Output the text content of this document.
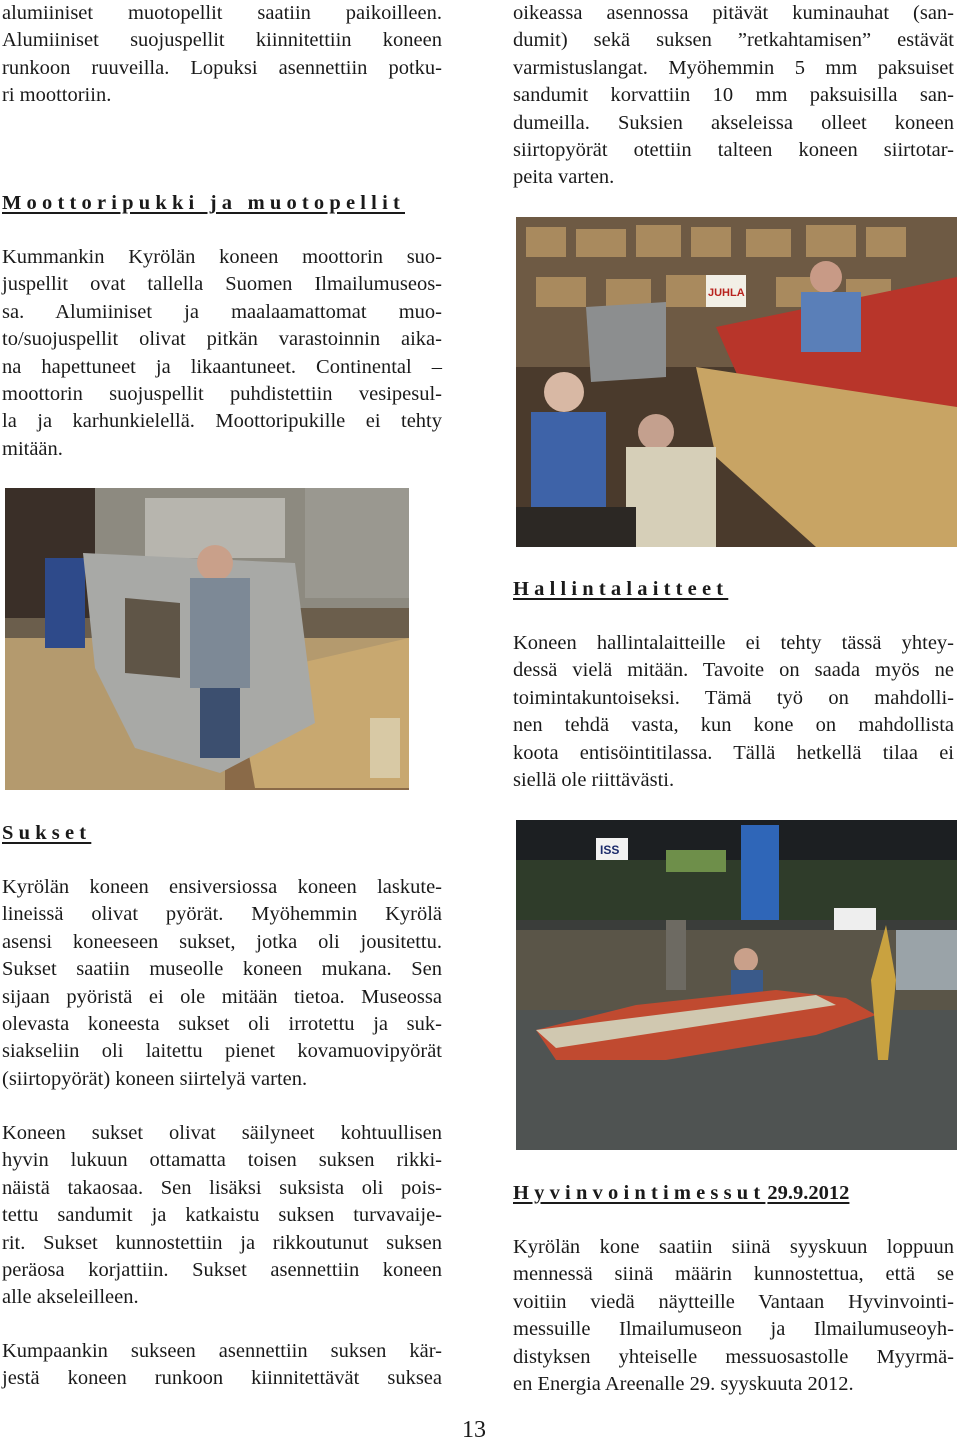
alumiiniset muotopellit saatiin paikoilleen.
Alumiiniset suojuspellit kiinnitettiin koneen
runkoon ruuveilla. Lopuksi asennettiin potku-
ri moottoriin.

Moottoripukki ja muotopellit

Kummankin Kyrölän koneen moottorin suo-
juspellit ovat tallella Suomen Ilmailumuseos-
sa. Alumiiniset ja maalaamattomat muo-
to/suojuspellit olivat pitkän varastoinnin aika-
na hapettuneet ja likaantuneet. Continental –
moottorin suojuspellit puhdistettiin vesipesul-
la ja karhunkielellä. Moottoripukille ei tehty
mitään.

Sukset

Kyrölän koneen ensiversiossa koneen laskute-
lineissä olivat pyörät. Myöhemmin Kyrölä
asensi koneeseen sukset, jotka oli jousitettu.
Sukset saatiin museolle koneen mukana. Sen
sijaan pyöristä ei ole mitään tietoa. Museossa
olevasta koneesta sukset oli irrotettu ja suk-
siakseliin oli laitettu pienet kovamuovipyörät
(siirtopyörät) koneen siirtelyä varten.

Koneen sukset olivat säilyneet kohtuullisen
hyvin lukuun ottamatta toisen suksen rikki-
näistä takaosaa. Sen lisäksi suksista oli pois-
tettu sandumit ja katkaistu suksen turvavaije-
rit. Sukset kunnostettiin ja rikkoutunut suksen
peräosa korjattiin. Sukset asennettiin koneen
alle akseleilleen.

Kumpaankin sukseen asennettiin suksen kär-
jestä koneen runkoon kiinnitettävät suksea

oikeassa asennossa pitävät kuminauhat (san-
dumit) sekä suksen ”retkahtamisen” estävät
varmistuslangat. Myöhemmin 5 mm paksuiset
sandumit korvattiin 10 mm paksuisilla san-
dumeilla. Suksien akseleissa olleet koneen
siirtopyörät otettiin talteen koneen siirtotar-
peita varten.

JUHLA
Hallintalaitteet

Koneen hallintalaitteille ei tehty tässä yhtey-
dessä vielä mitään. Tavoite on saada myös ne
toimintakuntoiseksi. Tämä työ on mahdolli-
nen tehdä vasta, kun kone on mahdollista
koota entisöintitilassa. Tällä hetkellä tilaa ei
siellä ole riittävästi.

ISS
Hyvinvointimessut29.9.2012

Kyrölän kone saatiin siinä syyskuun loppuun
mennessä siinä määrin kunnostettua, että se
voitiin viedä näytteille Vantaan Hyvinvointi-
messuille Ilmailumuseon ja Ilmailumuseoyh-
distyksen yhteiselle messuosastolle Myyrmä-
en Energia Areenalle 29. syyskuuta 2012.

13
